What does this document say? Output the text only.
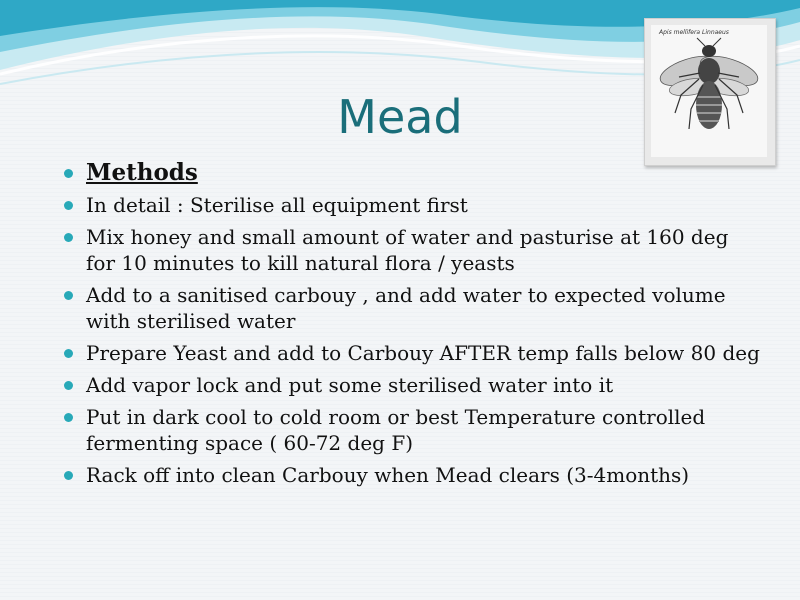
Apis mellifera Linnaeus
Mead
Methods
In detail : Sterilise all equipment first
Mix honey and small amount of water and pasturise at 160 deg for 10 minutes to kill natural flora / yeasts
Add to a sanitised carbouy , and add water to expected volume with sterilised water
Prepare Yeast and add to Carbouy AFTER temp falls below 80 deg
Add vapor lock and put some sterilised water into it
Put in dark cool to cold room or best Temperature controlled fermenting space ( 60-72 deg F)
Rack off into clean Carbouy when Mead clears (3-4months)
